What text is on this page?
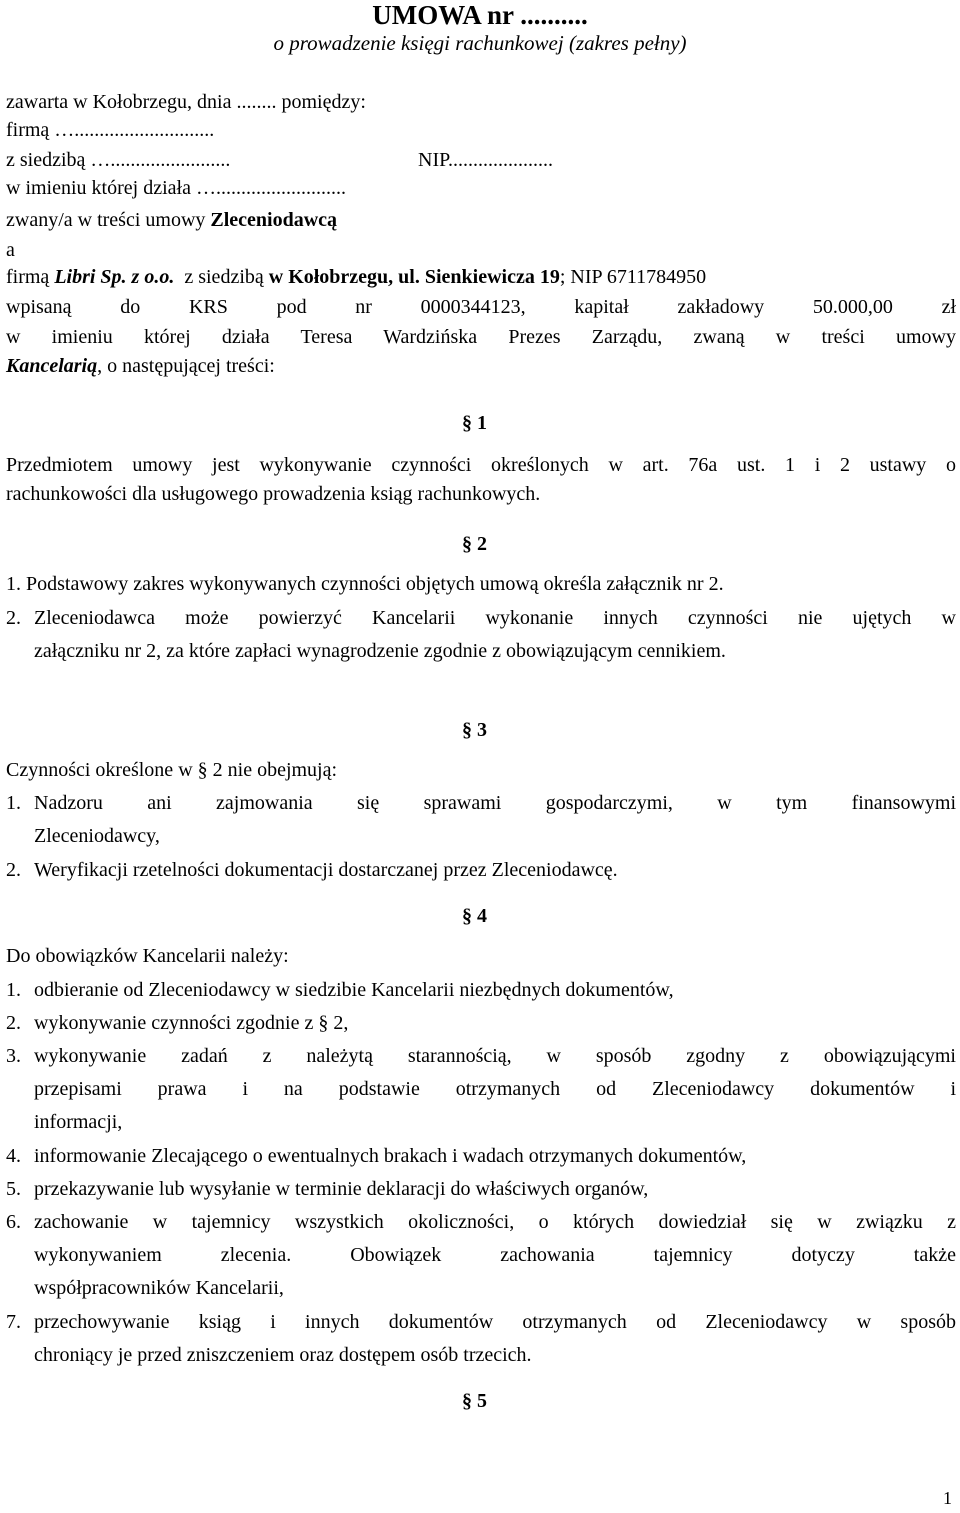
UMOWA nr ..........
o prowadzenie księgi rachunkowej (zakres pełny)
zawarta w Kołobrzegu, dnia ........ pomiędzy:
firmą …............................
z siedzibą …........................	NIP.....................
w imieniu której działa …..........................
zwany/a w treści umowy Zleceniodawcą
a
firmą Libri Sp. z o.o.  z siedzibą w Kołobrzegu, ul. Sienkiewicza 19; NIP 6711784950
wpisaną do KRS pod nr 0000344123, kapitał zakładowy 50.000,00 zł
w imieniu której działa Teresa Wardzińska Prezes Zarządu, zwaną w treści umowy
Kancelarią, o następującej treści:
§ 1
Przedmiotem umowy jest wykonywanie czynności określonych w art. 76a ust. 1 i 2 ustawy o
rachunkowości dla usługowego prowadzenia ksiąg rachunkowych.
§ 2
1. Podstawowy zakres wykonywanych czynności objętych umową określa załącznik nr 2.
2. Zleceniodawca może powierzyć Kancelarii wykonanie innych czynności nie ujętych w
załączniku nr 2, za które zapłaci wynagrodzenie zgodnie z obowiązującym cennikiem.
§ 3
Czynności określone w § 2 nie obejmują:
1. Nadzoru ani zajmowania się sprawami gospodarczymi, w tym finansowymi
Zleceniodawcy,
2. Weryfikacji rzetelności dokumentacji dostarczanej przez Zleceniodawcę.
§ 4
Do obowiązków Kancelarii należy:
1. odbieranie od Zleceniodawcy w siedzibie Kancelarii niezbędnych dokumentów,
2. wykonywanie czynności zgodnie z § 2,
3. wykonywanie zadań z należytą starannością, w sposób zgodny z obowiązującymi
przepisami prawa i na podstawie otrzymanych od Zleceniodawcy dokumentów i
informacji,
4. informowanie Zlecającego o ewentualnych brakach i wadach otrzymanych dokumentów,
5. przekazywanie lub wysyłanie w terminie deklaracji do właściwych organów,
6. zachowanie w tajemnicy wszystkich okoliczności, o których dowiedział się w związku z
wykonywaniem zlecenia. Obowiązek zachowania tajemnicy dotyczy także
współpracowników Kancelarii,
7. przechowywanie ksiąg i innych dokumentów otrzymanych od Zleceniodawcy w sposób
chroniący je przed zniszczeniem oraz dostępem osób trzecich.
§ 5
1
